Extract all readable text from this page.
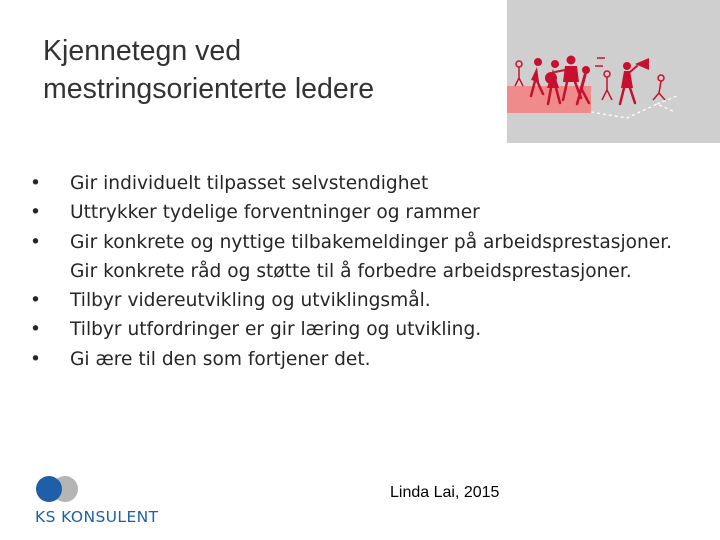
Kjennetegn ved mestringsorienterte ledere
•	Gir individuelt tilpasset selvstendighet
•	Uttrykker tydelige forventninger og rammer
•	Gir konkrete og nyttige tilbakemeldinger på arbeidsprestasjoner. Gir konkrete råd og støtte til å forbedre arbeidsprestasjoner.
•	Tilbyr videreutvikling og utviklingsmål.
•	Tilbyr utfordringer er gir læring og utvikling.
•	Gi ære til den som fortjener det.
KS KONSULENT
Linda Lai, 2015
